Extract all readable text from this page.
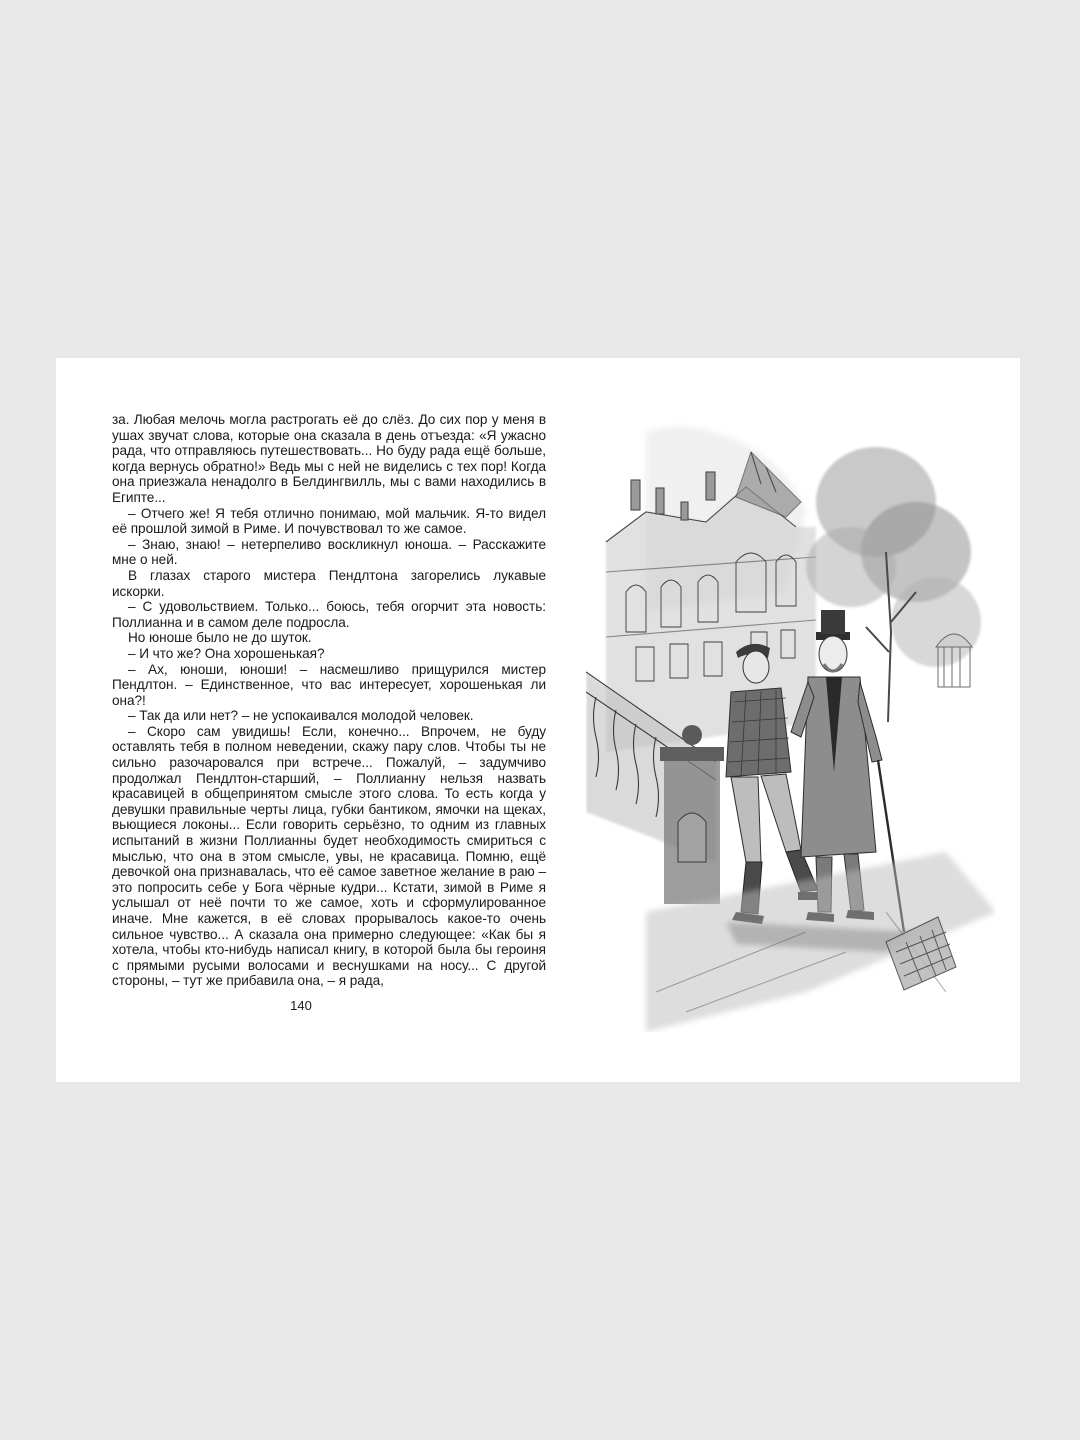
за. Любая мелочь могла растрогать её до слёз. До сих пор у меня в ушах звучат слова, которые она сказала в день отъезда: «Я ужасно рада, что отправляюсь путешествовать... Но буду рада ещё больше, когда вернусь обратно!» Ведь мы с ней не виделись с тех пор! Когда она приезжала ненадолго в Белдингвилль, мы с вами находились в Египте...

– Отчего же! Я тебя отлично понимаю, мой мальчик. Я-то видел её прошлой зимой в Риме. И почувствовал то же самое.

– Знаю, знаю! – нетерпеливо воскликнул юноша. – Расскажите мне о ней.

В глазах старого мистера Пендлтона загорелись лукавые искорки.

– С удовольствием. Только... боюсь, тебя огорчит эта новость: Поллианна и в самом деле подросла.

Но юноше было не до шуток.

– И что же? Она хорошенькая?

– Ах, юноши, юноши! – насмешливо прищурился мистер Пендлтон. – Единственное, что вас интересует, хорошенькая ли она?!

– Так да или нет? – не успокаивался молодой человек.

– Скоро сам увидишь! Если, конечно... Впрочем, не буду оставлять тебя в полном неведении, скажу пару слов. Чтобы ты не сильно разочаровался при встрече... Пожалуй, – задумчиво продолжал Пендлтон-старший, – Поллианну нельзя назвать красавицей в общепринятом смысле этого слова. То есть когда у девушки правильные черты лица, губки бантиком, ямочки на щеках, вьющиеся локоны... Если говорить серьёзно, то одним из главных испытаний в жизни Поллианны будет необходимость смириться с мыслью, что она в этом смысле, увы, не красавица. Помню, ещё девочкой она признавалась, что её самое заветное желание в раю – это попросить себе у Бога чёрные кудри... Кстати, зимой в Риме я услышал от неё почти то же самое, хоть и сформулированное иначе. Мне кажется, в её словах прорывалось какое-то очень сильное чувство... А сказала она примерно следующее: «Как бы я хотела, чтобы кто-нибудь написал книгу, в которой была бы героиня с прямыми русыми волосами и веснушками на носу... С другой стороны, – тут же прибавила она, – я рада,

140
